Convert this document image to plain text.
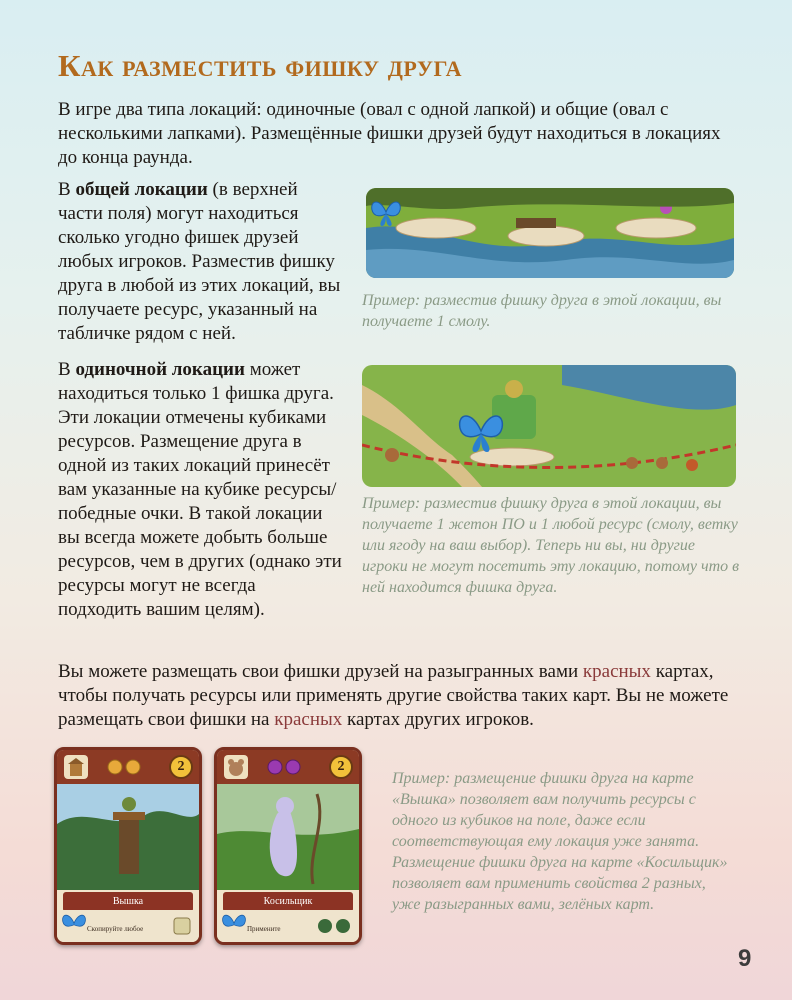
Как разместить фишку друга
В игре два типа локаций: одиночные (овал с одной лапкой) и общие (овал с несколькими лапками). Размещённые фишки друзей будут находиться в локациях до конца раунда.
В общей локации (в верхней части поля) могут находиться сколько угодно фишек друзей любых игроков. Разместив фишку друга в любой из этих локаций, вы получаете ресурс, указанный на табличке рядом с ней.
Пример: разместив фишку друга в этой локации, вы получаете 1 смолу.
В одиночной локации может находиться только 1 фишка друга. Эти локации отмечены кубиками ресурсов. Размещение друга в одной из таких локаций принесёт вам указанные на кубике ресурсы/победные очки. В такой локации вы всегда можете добыть больше ресурсов, чем в других (однако эти ресурсы могут не всегда подходить вашим целям).
Пример: разместив фишку друга в этой локации, вы получаете 1 жетон ПО и 1 любой ресурс (смолу, ветку или ягоду на ваш выбор). Теперь ни вы, ни другие игроки не могут посетить эту локацию, потому что в ней находится фишка друга.
Вы можете размещать свои фишки друзей на разыгранных вами красных картах, чтобы получать ресурсы или применять другие свойства таких карт. Вы не можете размещать свои фишки на красных картах других игроков.
2
Вышка
Скопируйте любое
2
Косильщик
Примените
Пример: размещение фишки друга на карте «Вышка» позволяет вам получить ресурсы с одного из кубиков на поле, даже если соответствующая ему локация уже занята. Размещение фишки друга на карте «Косильщик» позволяет вам применить свойства 2 разных, уже разыгранных вами, зелёных карт.
9
